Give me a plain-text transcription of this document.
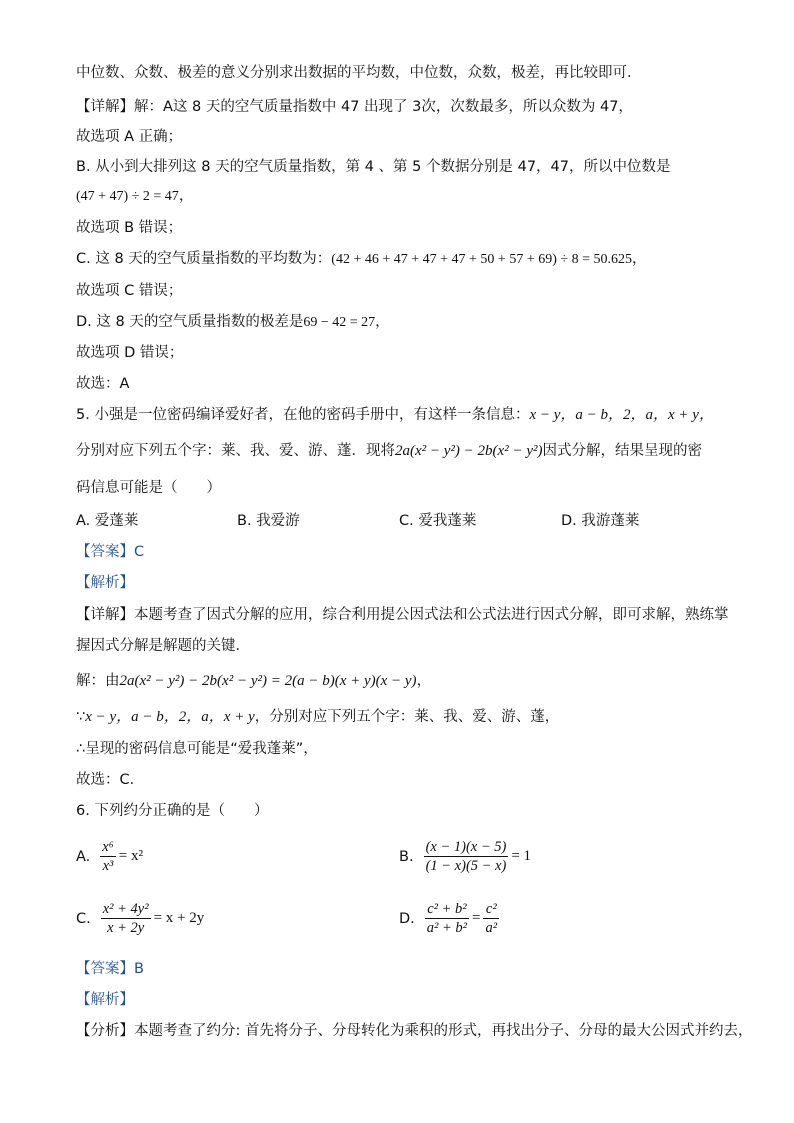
中位数、众数、极差的意义分别求出数据的平均数，中位数，众数，极差，再比较即可．
【详解】解：A这 8 天的空气质量指数中 47 出现了 3次，次数最多，所以众数为 47，
故选项 A 正确；
B. 从小到大排列这 8 天的空气质量指数，第 4 、第 5 个数据分别是 47，47，所以中位数是
(47 + 47) ÷ 2 = 47，
故选项 B 错误；
C. 这 8 天的空气质量指数的平均数为：(42 + 46 + 47 + 47 + 47 + 50 + 57 + 69) ÷ 8 = 50.625，
故选项 C 错误；
D. 这 8 天的空气质量指数的极差是69 − 42 = 27，
故选项 D 错误；
故选：A
5. 小强是一位密码编译爱好者，在他的密码手册中，有这样一条信息：x − y，a − b，2，a，x + y，
分别对应下列五个字：莱、我、爱、游、蓬．现将2a(x² − y²) − 2b(x² − y²)因式分解，结果呈现的密
码信息可能是（　　）
A. 爱蓬莱	B. 我爱游	C. 爱我蓬莱	D. 我游蓬莱
【答案】C
【解析】
【详解】本题考查了因式分解的应用，综合利用提公因式法和公式法进行因式分解，即可求解，熟练掌
握因式分解是解题的关键．
解：由2a(x² − y²) − 2b(x² − y²) = 2(a − b)(x + y)(x − y)，
∵x − y，a − b，2，a，x + y，分别对应下列五个字：莱、我、爱、游、蓬，
∴呈现的密码信息可能是“爱我蓬莱”，
故选：C．
6. 下列约分正确的是（　　）
A. $\frac{\text{x⁶}}{\text{x³}} = x^2$	B. $\frac{(x - 1)(x - 5)}{(1 - x)(5 - x)} = 1$
C. $\frac{\text{x² + 4y²}}{x + 2y} = x + 2y$	D. $\frac{\text{c² + b²}}{\text{a² + b²}} = \frac{\text{c²}}{\text{a²}}$
【答案】B
【解析】
【分析】本题考查了约分: 首先将分子、分母转化为乘积的形式，再找出分子、分母的最大公因式并约去，
